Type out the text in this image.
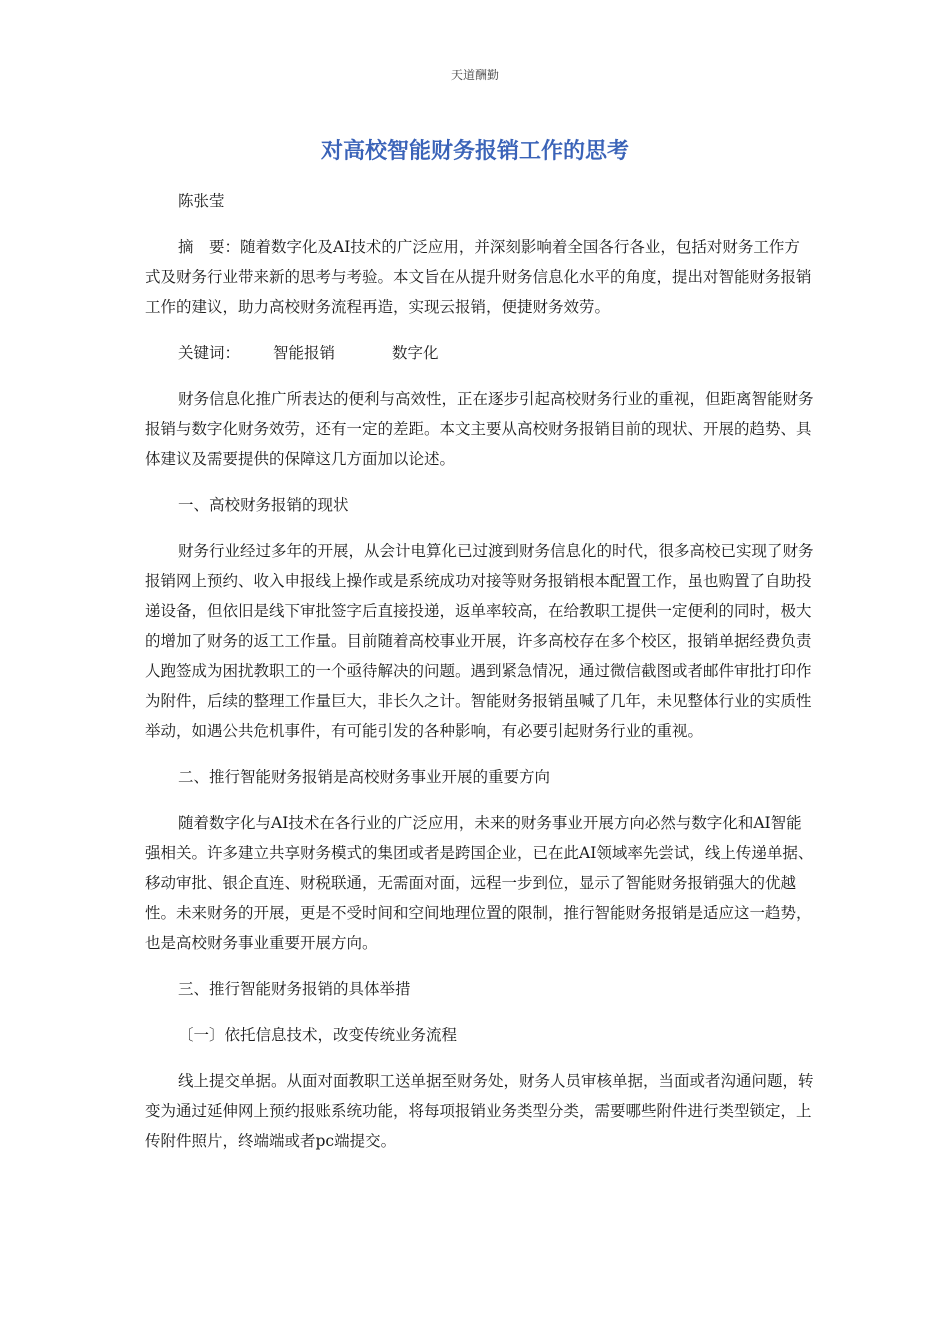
天道酬勤
对高校智能财务报销工作的思考

陈张莹

摘　要：随着数字化及AI技术的广泛应用，并深刻影响着全国各行各业，包括对财务工作方式及财务行业带来新的思考与考验。本文旨在从提升财务信息化水平的角度，提出对智能财务报销工作的建议，助力高校财务流程再造，实现云报销，便捷财务效劳。

关键词： 智能报销	数字化

财务信息化推广所表达的便利与高效性，正在逐步引起高校财务行业的重视，但距离智能财务报销与数字化财务效劳，还有一定的差距。本文主要从高校财务报销目前的现状、开展的趋势、具体建议及需要提供的保障这几方面加以论述。

一、高校财务报销的现状

财务行业经过多年的开展，从会计电算化已过渡到财务信息化的时代，很多高校已实现了财务报销网上预约、收入申报线上操作或是系统成功对接等财务报销根本配置工作，虽也购置了自助投递设备，但依旧是线下审批签字后直接投递，返单率较高，在给教职工提供一定便利的同时，极大的增加了财务的返工工作量。目前随着高校事业开展，许多高校存在多个校区，报销单据经费负责人跑签成为困扰教职工的一个亟待解决的问题。遇到紧急情况，通过微信截图或者邮件审批打印作为附件，后续的整理工作量巨大，非长久之计。智能财务报销虽喊了几年，未见整体行业的实质性举动，如遇公共危机事件，有可能引发的各种影响，有必要引起财务行业的重视。

二、推行智能财务报销是高校财务事业开展的重要方向

随着数字化与AI技术在各行业的广泛应用，未来的财务事业开展方向必然与数字化和AI智能强相关。许多建立共享财务模式的集团或者是跨国企业，已在此AI领域率先尝试，线上传递单据、移动审批、银企直连、财税联通，无需面对面，远程一步到位，显示了智能财务报销强大的优越性。未来财务的开展，更是不受时间和空间地理位置的限制，推行智能财务报销是适应这一趋势，也是高校财务事业重要开展方向。

三、推行智能财务报销的具体举措

〔一〕依托信息技术，改变传统业务流程

线上提交单据。从面对面教职工送单据至财务处，财务人员审核单据，当面或者沟通问题，转变为通过延伸网上预约报账系统功能，将每项报销业务类型分类，需要哪些附件进行类型锁定，上传附件照片，终端端或者pc端提交。
